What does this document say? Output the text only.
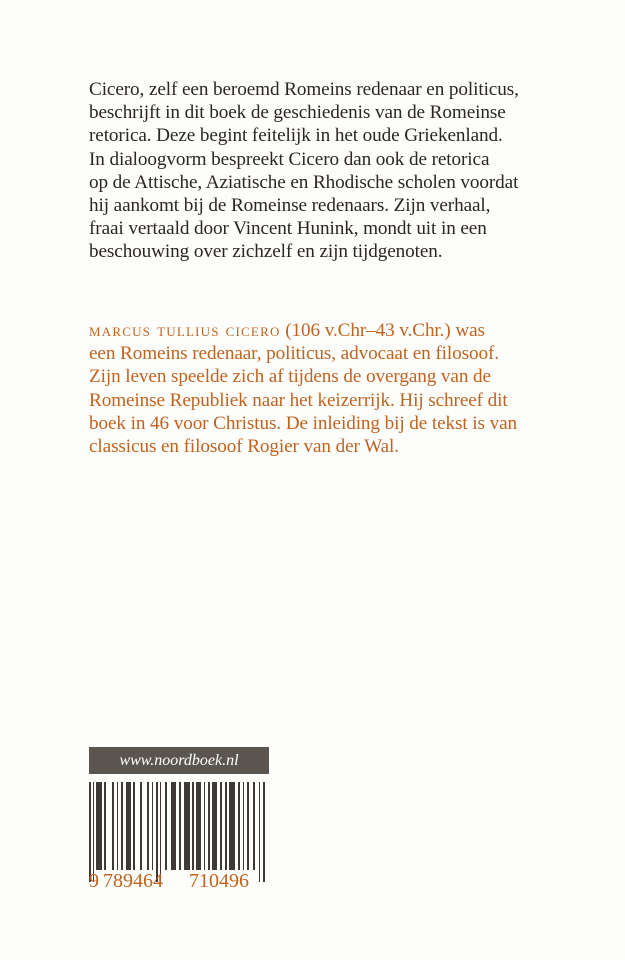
Cicero, zelf een beroemd Romeins redenaar en politicus,
beschrijft in dit boek de geschiedenis van de Romeinse
retorica. Deze begint feitelijk in het oude Griekenland.
In dialoogvorm bespreekt Cicero dan ook de retorica
op de Attische, Aziatische en Rhodische scholen voordat
hij aankomt bij de Romeinse redenaars. Zijn verhaal,
fraai vertaald door Vincent Hunink, mondt uit in een
beschouwing over zichzelf en zijn tijdgenoten.
marcus tullius cicero (106 v.Chr–43 v.Chr.) was
een Romeins redenaar, politicus, advocaat en filosoof.
Zijn leven speelde zich af tijdens de overgang van de
Romeinse Republiek naar het keizerrijk. Hij schreef dit
boek in 46 voor Christus. De inleiding bij de tekst is van
classicus en filosoof Rogier van der Wal.
www.noordboek.nl
9 789464 710496
